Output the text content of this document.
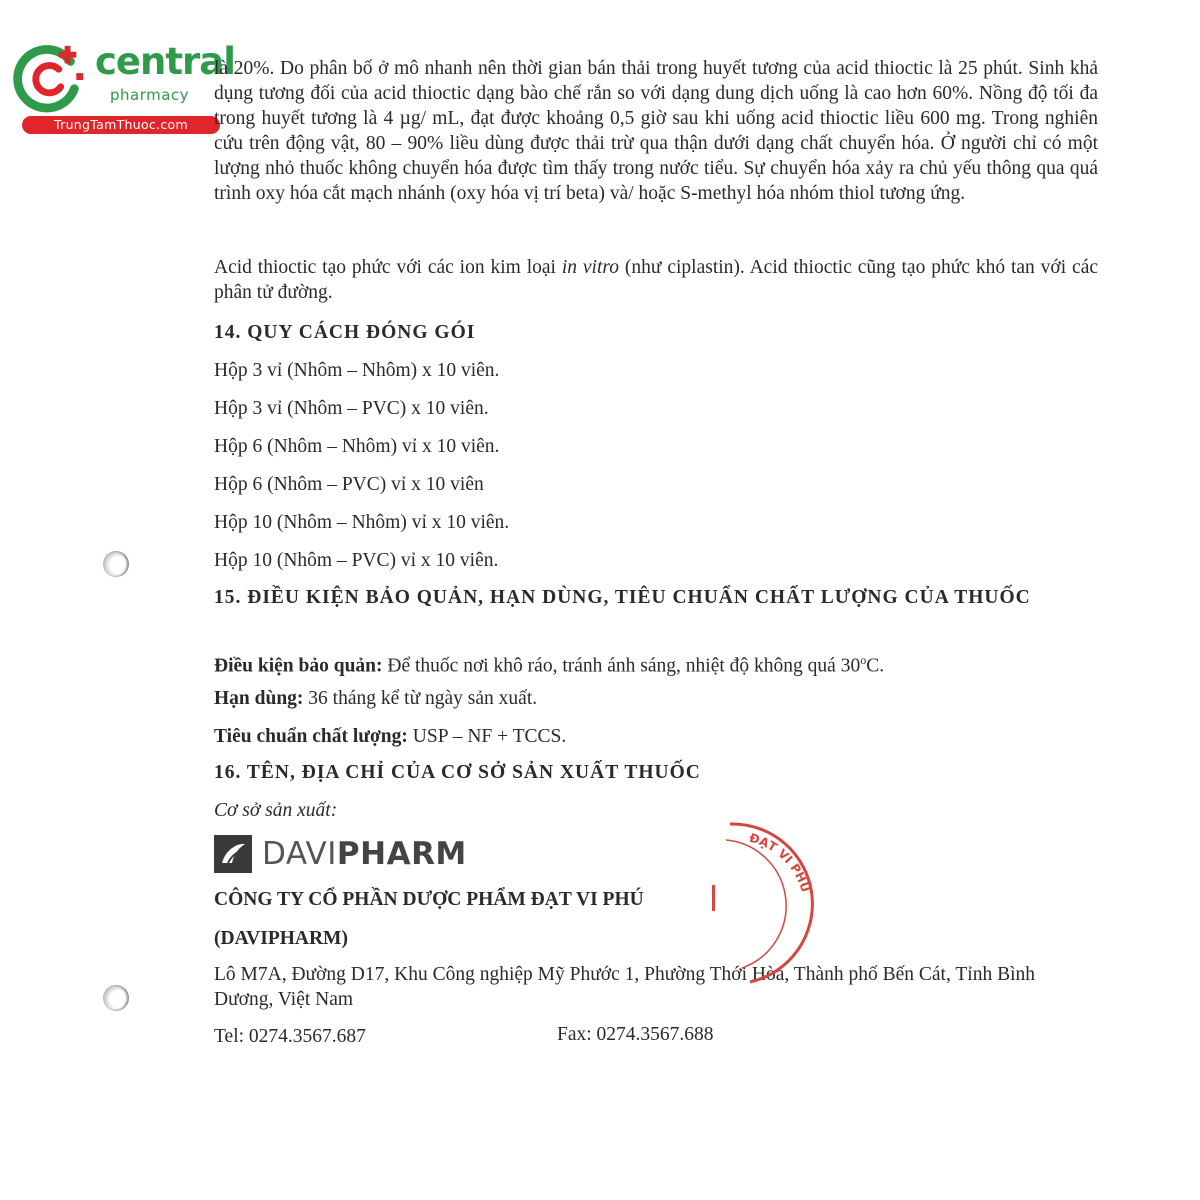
central
pharmacy
TrungTamThuoc.com

là 20%. Do phân bố ở mô nhanh nên thời gian bán thải trong huyết tương của acid thioctic là 25 phút. Sinh khả dụng tương đối của acid thioctic dạng bào chế rắn so với dạng dung dịch uống là cao hơn 60%. Nồng độ tối đa trong huyết tương là 4 µg/ mL, đạt được khoảng 0,5 giờ sau khi uống acid thioctic liều 600 mg. Trong nghiên cứu trên động vật, 80 – 90% liều dùng được thải trừ qua thận dưới dạng chất chuyển hóa. Ở người chỉ có một lượng nhỏ thuốc không chuyển hóa được tìm thấy trong nước tiểu. Sự chuyển hóa xảy ra chủ yếu thông qua quá trình oxy hóa cắt mạch nhánh (oxy hóa vị trí beta) và/ hoặc S-methyl hóa nhóm thiol tương ứng.

Acid thioctic tạo phức với các ion kim loại in vitro (như ciplastin). Acid thioctic cũng tạo phức khó tan với các phân tử đường.
14. QUY CÁCH ĐÓNG GÓI
Hộp 3 vỉ (Nhôm – Nhôm) x 10 viên.
Hộp 3 vỉ (Nhôm – PVC) x 10 viên.
Hộp 6 (Nhôm – Nhôm) vỉ x 10 viên.
Hộp 6 (Nhôm – PVC) vỉ x 10 viên
Hộp 10 (Nhôm – Nhôm) vỉ x 10 viên.
Hộp 10 (Nhôm – PVC) vỉ x 10 viên.
15. ĐIỀU KIỆN BẢO QUẢN, HẠN DÙNG, TIÊU CHUẨN CHẤT LƯỢNG CỦA THUỐC
Điều kiện bảo quản: Để thuốc nơi khô ráo, tránh ánh sáng, nhiệt độ không quá 30$^o$C.
Hạn dùng: 36 tháng kể từ ngày sản xuất.
Tiêu chuẩn chất lượng: USP – NF + TCCS.
16. TÊN, ĐỊA CHỈ CỦA CƠ SỞ SẢN XUẤT THUỐC
Cơ sở sản xuất:
DAVIPHARM
CÔNG TY CỔ PHẦN DƯỢC PHẨM ĐẠT VI PHÚ
(DAVIPHARM)
Lô M7A, Đường D17, Khu Công nghiệp Mỹ Phước 1, Phường Thới Hòa, Thành phố Bến Cát, Tỉnh Bình Dương, Việt Nam
Tel: 0274.3567.687	Fax: 0274.3567.688
ĐẠT VI PHÚ
